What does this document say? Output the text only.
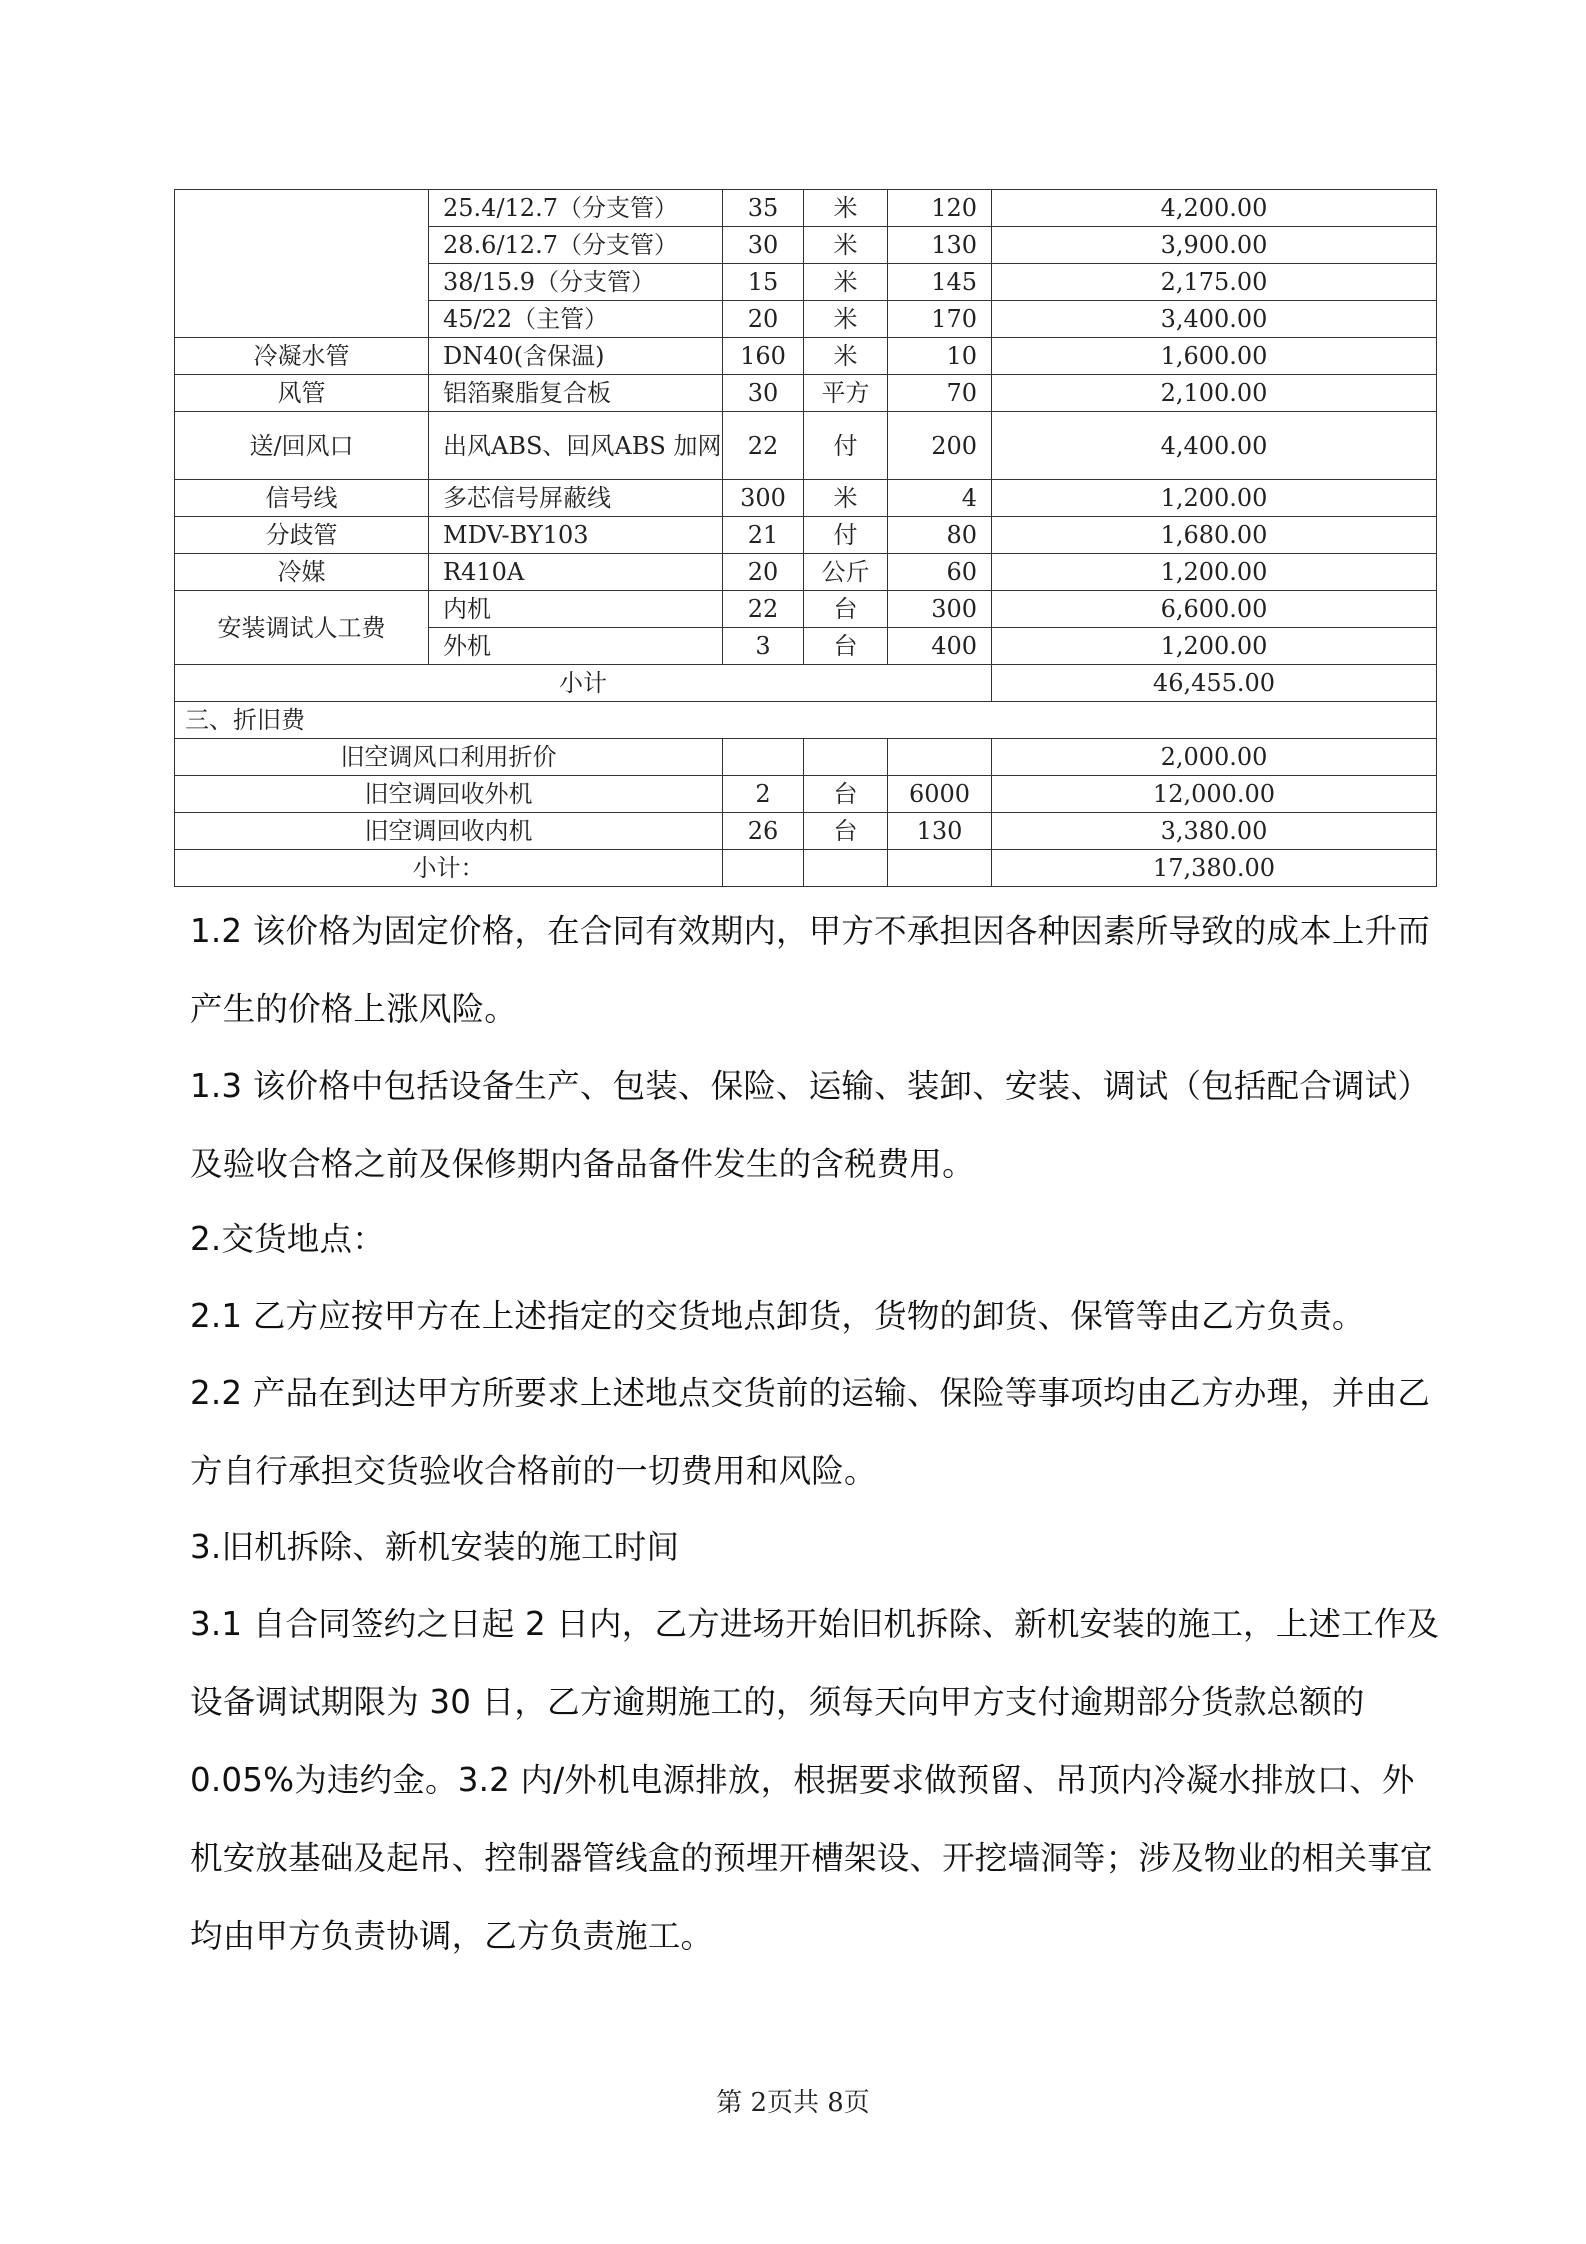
	25.4/12.7（分支管）	35	米	120	4,200.00
	28.6/12.7（分支管）	30	米	130	3,900.00
	38/15.9（分支管）	15	米	145	2,175.00
	45/22（主管）	20	米	170	3,400.00
冷凝水管	DN40(含保温)	160	米	10	1,600.00
风管	铝箔聚脂复合板	30	平方	70	2,100.00
送/回风口	出风ABS、回风ABS 加网	22	付	200	4,400.00
信号线	多芯信号屏蔽线	300	米	4	1,200.00
分歧管	MDV-BY103	21	付	80	1,680.00
冷媒	R410A	20	公斤	60	1,200.00
安装调试人工费	内机	22	台	300	6,600.00
	外机	3	台	400	1,200.00
小计					46,455.00
三、折旧费					
旧空调风口利用折价					2,000.00
旧空调回收外机		2	台	6000	12,000.00
旧空调回收内机		26	台	130	3,380.00
小计：					17,380.00

1.2 该价格为固定价格，在合同有效期内，甲方不承担因各种因素所导致的成本上升而产生的价格上涨风险。

1.3 该价格中包括设备生产、包装、保险、运输、装卸、安装、调试（包括配合调试）及验收合格之前及保修期内备品备件发生的含税费用。

2.交货地点：

2.1 乙方应按甲方在上述指定的交货地点卸货，货物的卸货、保管等由乙方负责。

2.2 产品在到达甲方所要求上述地点交货前的运输、保险等事项均由乙方办理，并由乙方自行承担交货验收合格前的一切费用和风险。

3.旧机拆除、新机安装的施工时间

3.1 自合同签约之日起 2 日内，乙方进场开始旧机拆除、新机安装的施工，上述工作及设备调试期限为 30 日，乙方逾期施工的，须每天向甲方支付逾期部分货款总额的 0.05%为违约金。3.2 内/外机电源排放，根据要求做预留、吊顶内冷凝水排放口、外机安放基础及起吊、控制器管线盒的预埋开槽架设、开挖墙洞等；涉及物业的相关事宜均由甲方负责协调，乙方负责施工。

第 2页共 8页
